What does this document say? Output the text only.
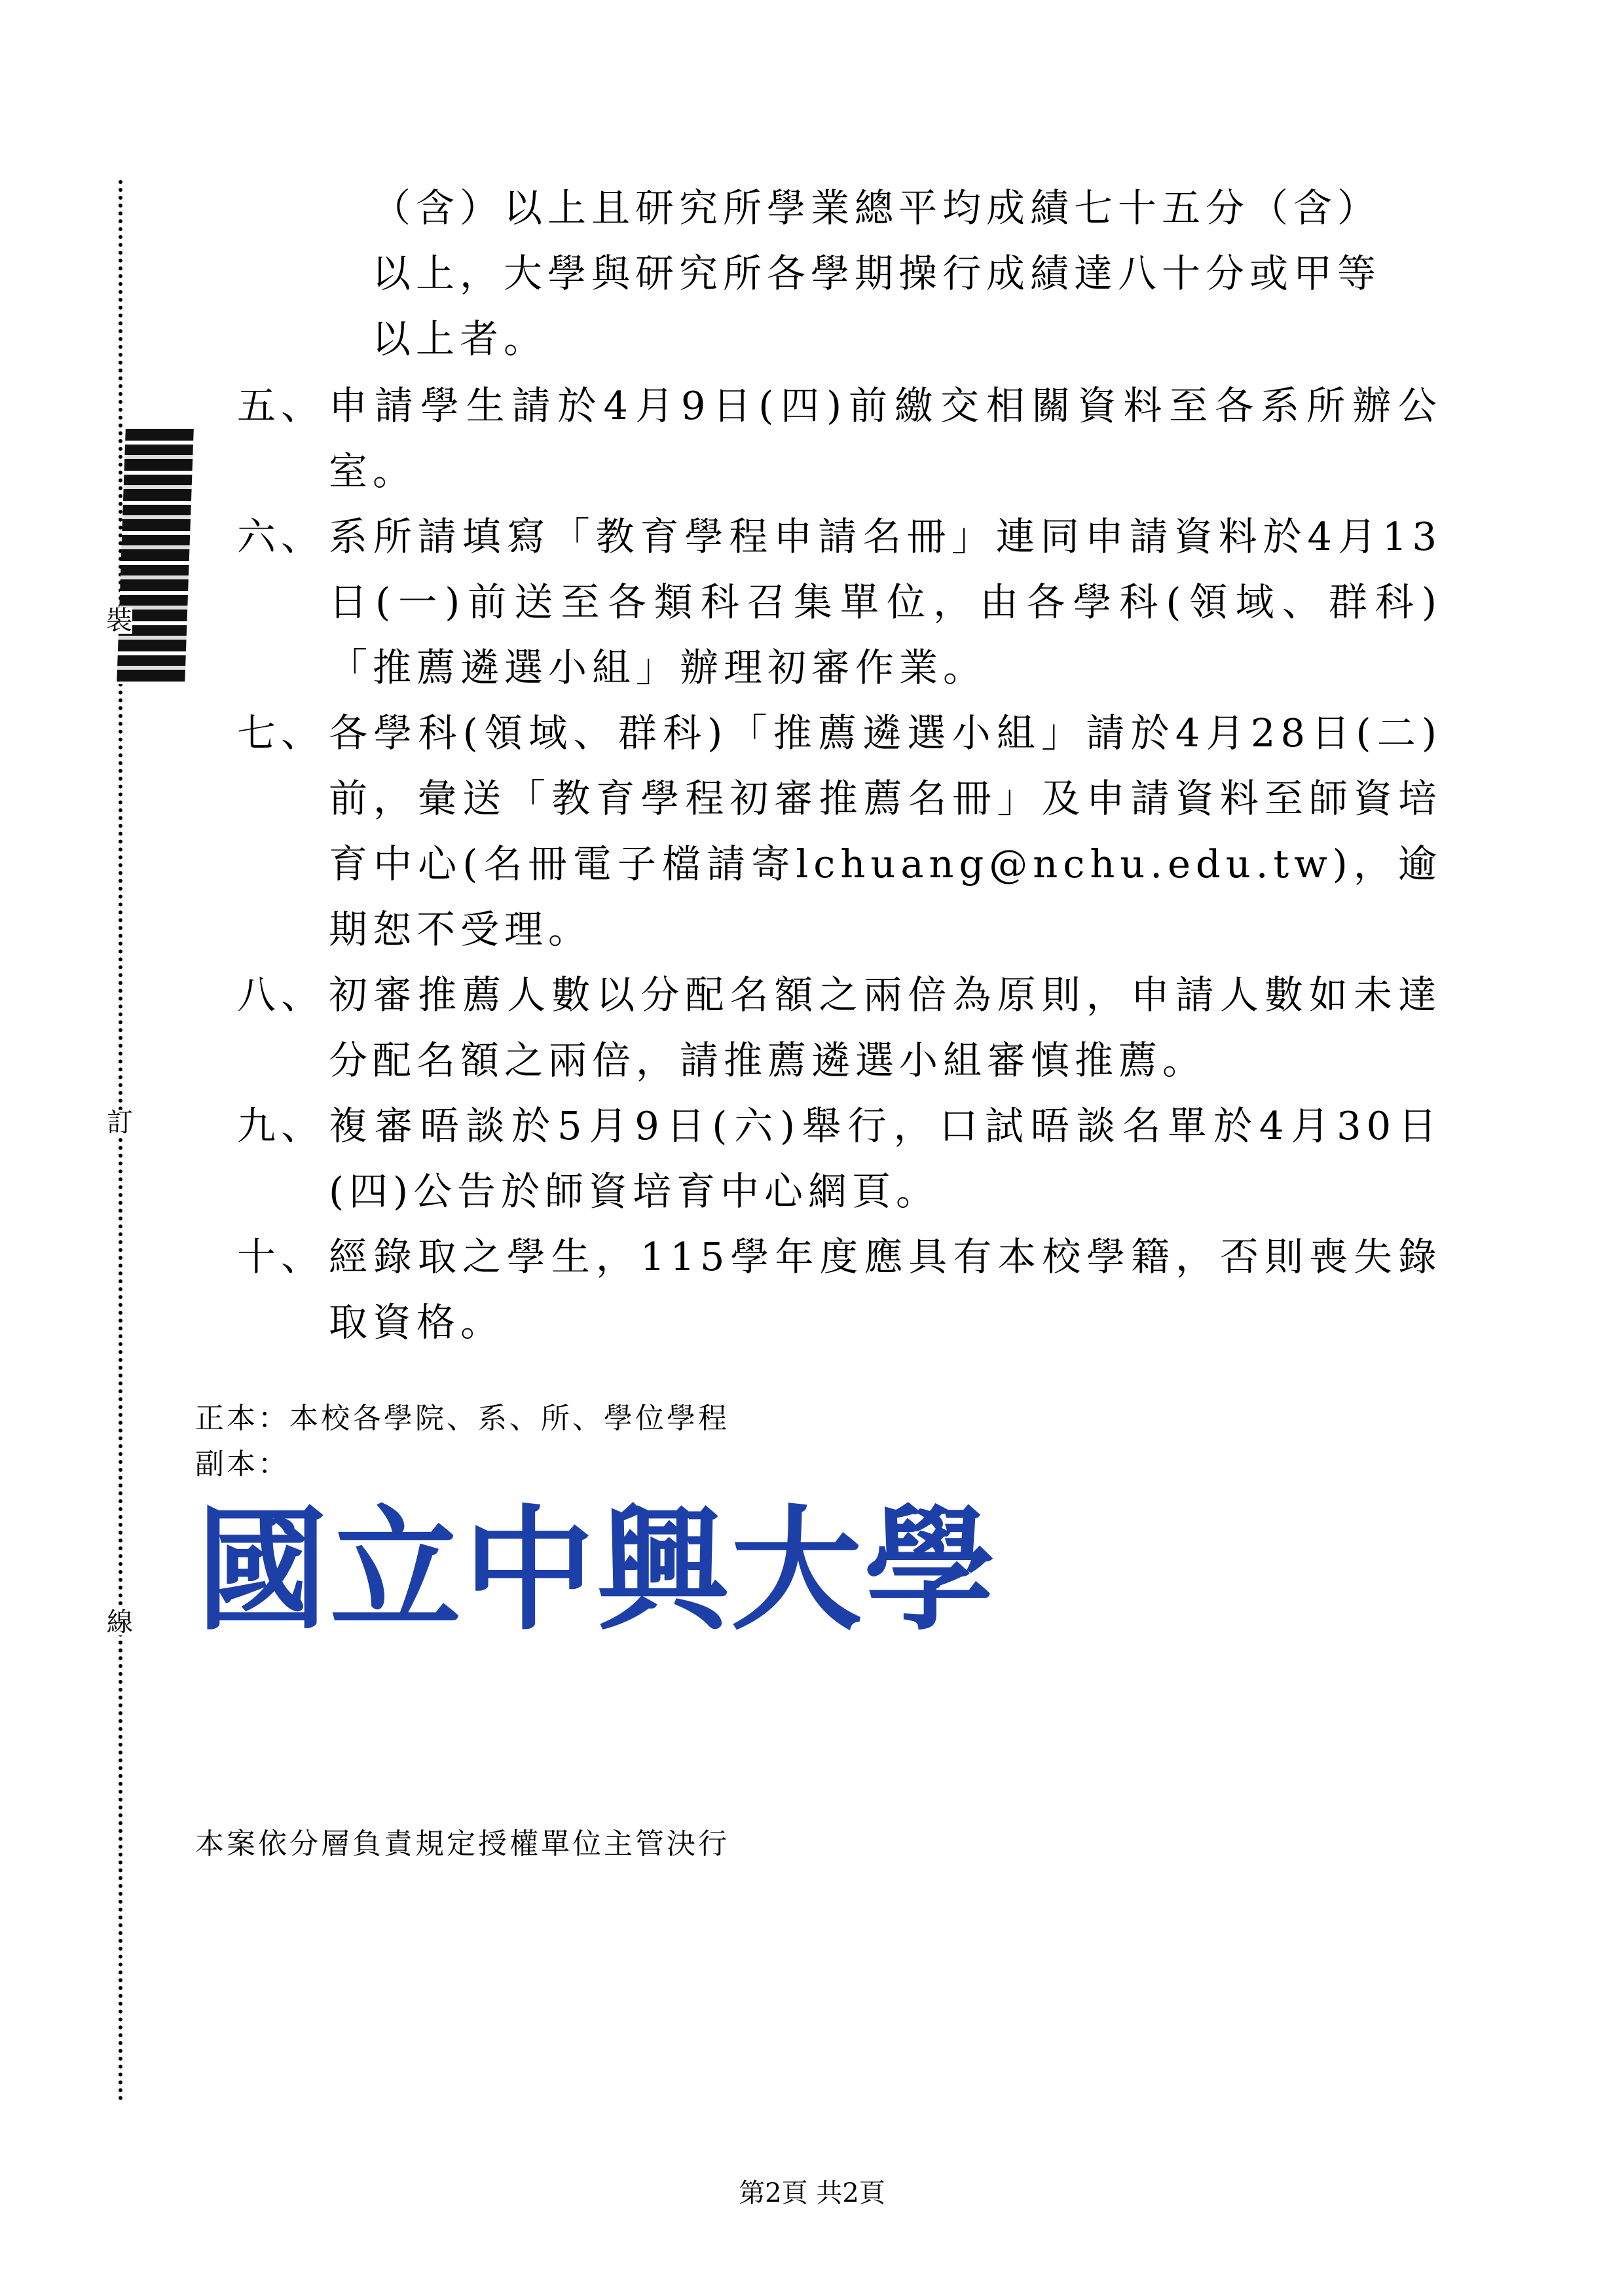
裝
訂
線
（含）以上且研究所學業總平均成績七十五分（含）
以上，大學與研究所各學期操行成績達八十分或甲等
以上者。
五、 申請學生請於4月9日(四)前繳交相關資料至各系所辦公室。
六、 系所請填寫「教育學程申請名冊」連同申請資料於4月13日(一)前送至各類科召集單位，由各學科(領域、群科)「推薦遴選小組」辦理初審作業。
七、 各學科(領域、群科)「推薦遴選小組」請於4月28日(二)前，彙送「教育學程初審推薦名冊」及申請資料至師資培育中心(名冊電子檔請寄lchuang@nchu.edu.tw)，逾期恕不受理。
八、 初審推薦人數以分配名額之兩倍為原則，申請人數如未達分配名額之兩倍，請推薦遴選小組審慎推薦。
九、 複審晤談於5月9日(六)舉行，口試晤談名單於4月30日(四)公告於師資培育中心網頁。
十、 經錄取之學生，115學年度應具有本校學籍，否則喪失錄取資格。
正本：本校各學院、系、所、學位學程
副本：
國立中興大學
本案依分層負責規定授權單位主管決行
第2頁 共2頁
